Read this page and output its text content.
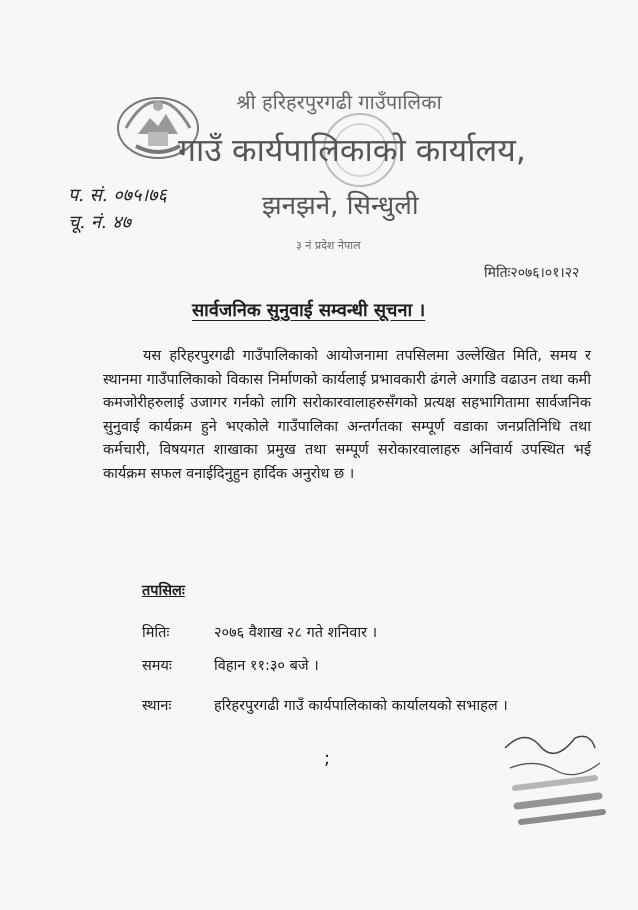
श्री हरिहरपुरगढी गाउँपालिका
गाउँ कार्यपालिकाको कार्यालय,
झनझने, सिन्धुली
३ नं प्रदेश नेपाल
प. सं. ०७५।७६
चू. नं. ४७
मितिः२०७६।०१।२२
सार्वजनिक सुनुवाई सम्वन्धी सूचना ।
यस हरिहरपुरगढी गाउँपालिकाको आयोजनामा तपसिलमा उल्लेखित मिति, समय र स्थानमा गाउँपालिकाको विकास निर्माणको कार्यलाई प्रभावकारी ढंगले अगाडि वढाउन तथा कमी कमजोरीहरुलाई उजागर गर्नको लागि सरोकारवालाहरुसँगको प्रत्यक्ष सहभागितामा सार्वजनिक सुनुवाई कार्यक्रम हुने भएकोले गाउँपालिका अन्तर्गतका सम्पूर्ण वडाका जनप्रतिनिधि तथा कर्मचारी, विषयगत शाखाका प्रमुख तथा सम्पूर्ण सरोकारवालाहरु अनिवार्य उपस्थित भई कार्यक्रम सफल वनाईदिनुहुन हार्दिक अनुरोध छ ।
तपसिलः
मितिः	२०७६ वैशाख २८ गते शनिवार ।
समयः	विहान ११:३० बजे ।
स्थानः	हरिहरपुरगढी गाउँ कार्यपालिकाको कार्यालयको सभाहल ।
;
